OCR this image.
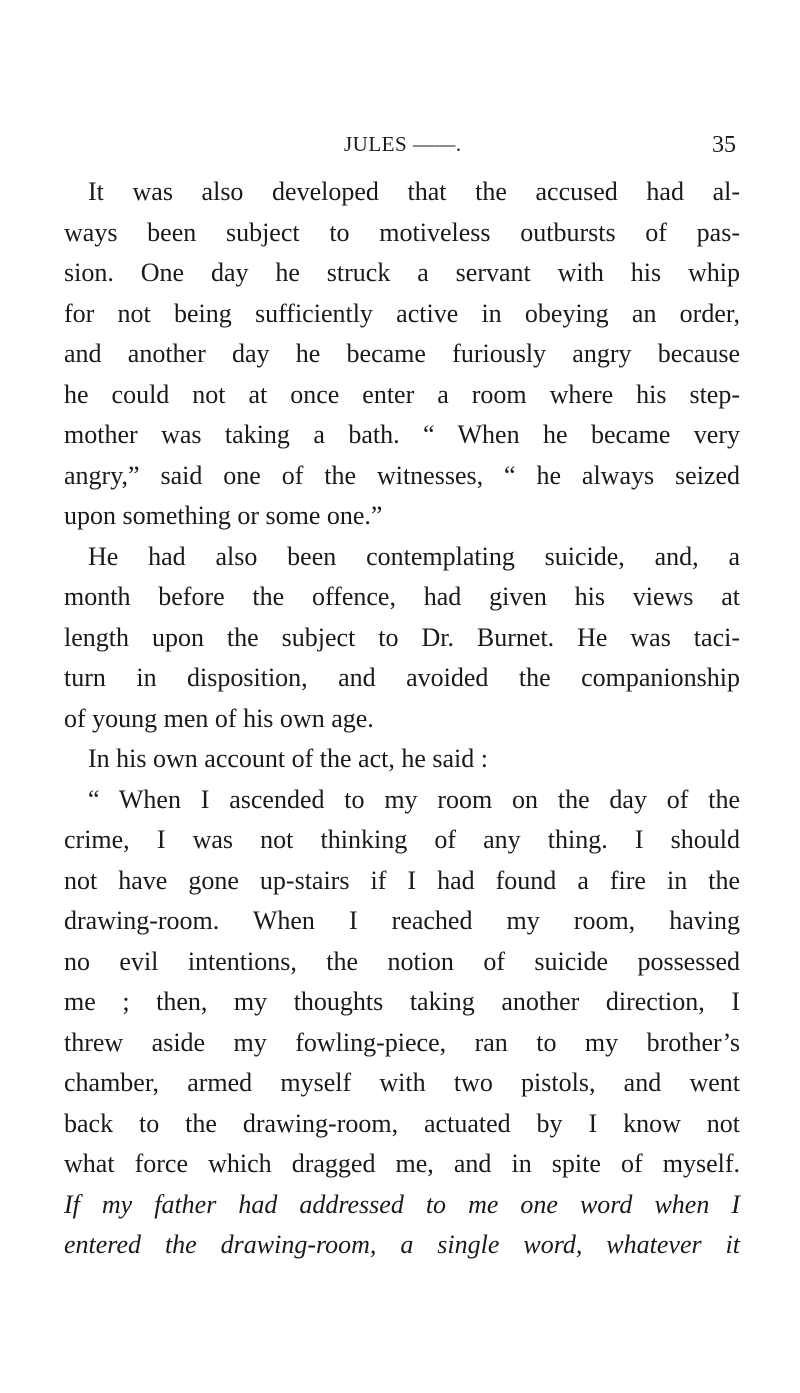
JULES ——.	35
It was also developed that the accused had al-
ways been subject to motiveless outbursts of pas-
sion. One day he struck a servant with his whip
for not being sufficiently active in obeying an order,
and another day he became furiously angry because
he could not at once enter a room where his step-
mother was taking a bath. “ When he became very
angry,” said one of the witnesses, “ he always seized
upon something or some one.”
He had also been contemplating suicide, and, a
month before the offence, had given his views at
length upon the subject to Dr. Burnet. He was taci-
turn in disposition, and avoided the companionship
of young men of his own age.
In his own account of the act, he said :
“ When I ascended to my room on the day of the
crime, I was not thinking of any thing. I should
not have gone up-stairs if I had found a fire in the
drawing-room. When I reached my room, having
no evil intentions, the notion of suicide possessed
me ; then, my thoughts taking another direction, I
threw aside my fowling-piece, ran to my brother’s
chamber, armed myself with two pistols, and went
back to the drawing-room, actuated by I know not
what force which dragged me, and in spite of myself.
If my father had addressed to me one word when I
entered the drawing-room, a single word, whatever it
